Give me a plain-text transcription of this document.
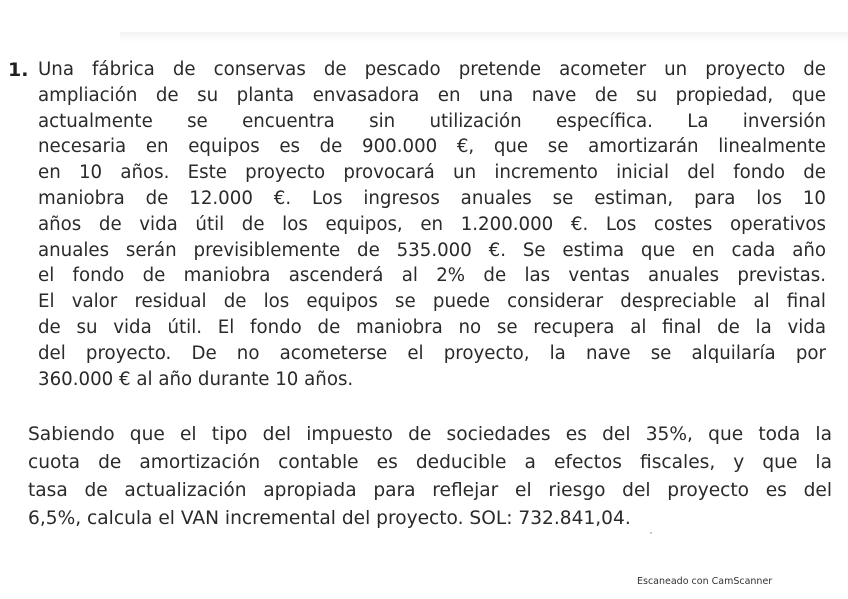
1. Una fábrica de conservas de pescado pretende acometer un proyecto de
ampliación de su planta envasadora en una nave de su propiedad, que
actualmente se encuentra sin utilización específica. La inversión
necesaria en equipos es de 900.000 €, que se amortizarán linealmente
en 10 años. Este proyecto provocará un incremento inicial del fondo de
maniobra de 12.000 €. Los ingresos anuales se estiman, para los 10
años de vida útil de los equipos, en 1.200.000 €. Los costes operativos
anuales serán previsiblemente de 535.000 €. Se estima que en cada año
el fondo de maniobra ascenderá al 2% de las ventas anuales previstas.
El valor residual de los equipos se puede considerar despreciable al final
de su vida útil. El fondo de maniobra no se recupera al final de la vida
del proyecto. De no acometerse el proyecto, la nave se alquilaría por
360.000 € al año durante 10 años.
Sabiendo que el tipo del impuesto de sociedades es del 35%, que toda la
cuota de amortización contable es deducible a efectos fiscales, y que la
tasa de actualización apropiada para reflejar el riesgo del proyecto es del
6,5%, calcula el VAN incremental del proyecto. SOL: 732.841,04.
Escaneado con CamScanner
